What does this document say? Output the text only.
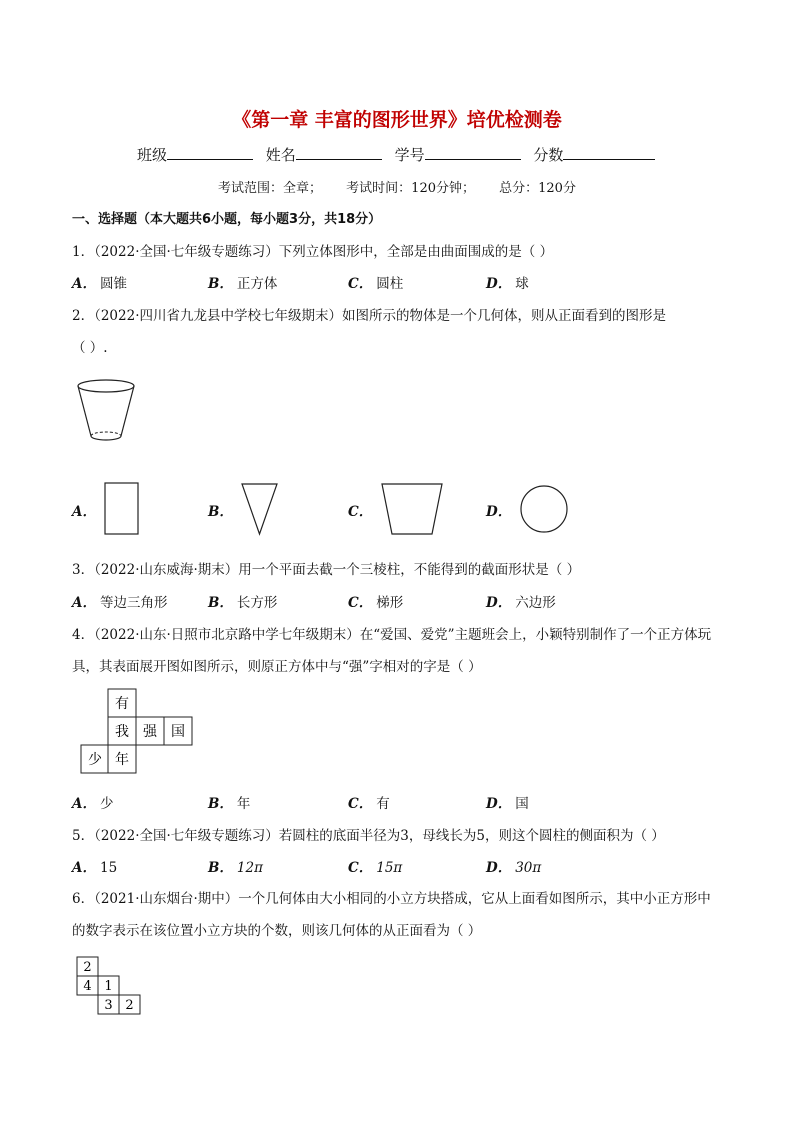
《第一章 丰富的图形世界》培优检测卷
班级	姓名	学号	分数
考试范围：全章； 考试时间：120分钟； 总分：120分
一、选择题（本大题共6小题，每小题3分，共18分）
1．（2022·全国·七年级专题练习）下列立体图形中，全部是由曲面围成的是（ ）
A． 圆锥	B． 正方体	C． 圆柱	D． 球
2．（2022·四川省九龙县中学校七年级期末）如图所示的物体是一个几何体，则从正面看到的图形是
（ ）.
A．	B．	C．	D．
3．（2022·山东威海·期末）用一个平面去截一个三棱柱，不能得到的截面形状是（ ）
A． 等边三角形	B． 长方形	C． 梯形	D． 六边形
4．（2022·山东·日照市北京路中学七年级期末）在“爱国、爱党”主题班会上，小颖特别制作了一个正方体玩
具，其表面展开图如图所示，则原正方体中与“强”字相对的字是（ ）
有
我 强 国
少 年
A． 少	B． 年	C． 有	D． 国
5．（2022·全国·七年级专题练习）若圆柱的底面半径为3，母线长为5，则这个圆柱的侧面积为（ ）
A． 15	B． 12π	C． 15π	D． 30π
6．（2021·山东烟台·期中）一个几何体由大小相同的小立方块搭成，它从上面看如图所示，其中小正方形中
的数字表示在该位置小立方块的个数，则该几何体的从正面看为（ ）
2
4 1
3 2
